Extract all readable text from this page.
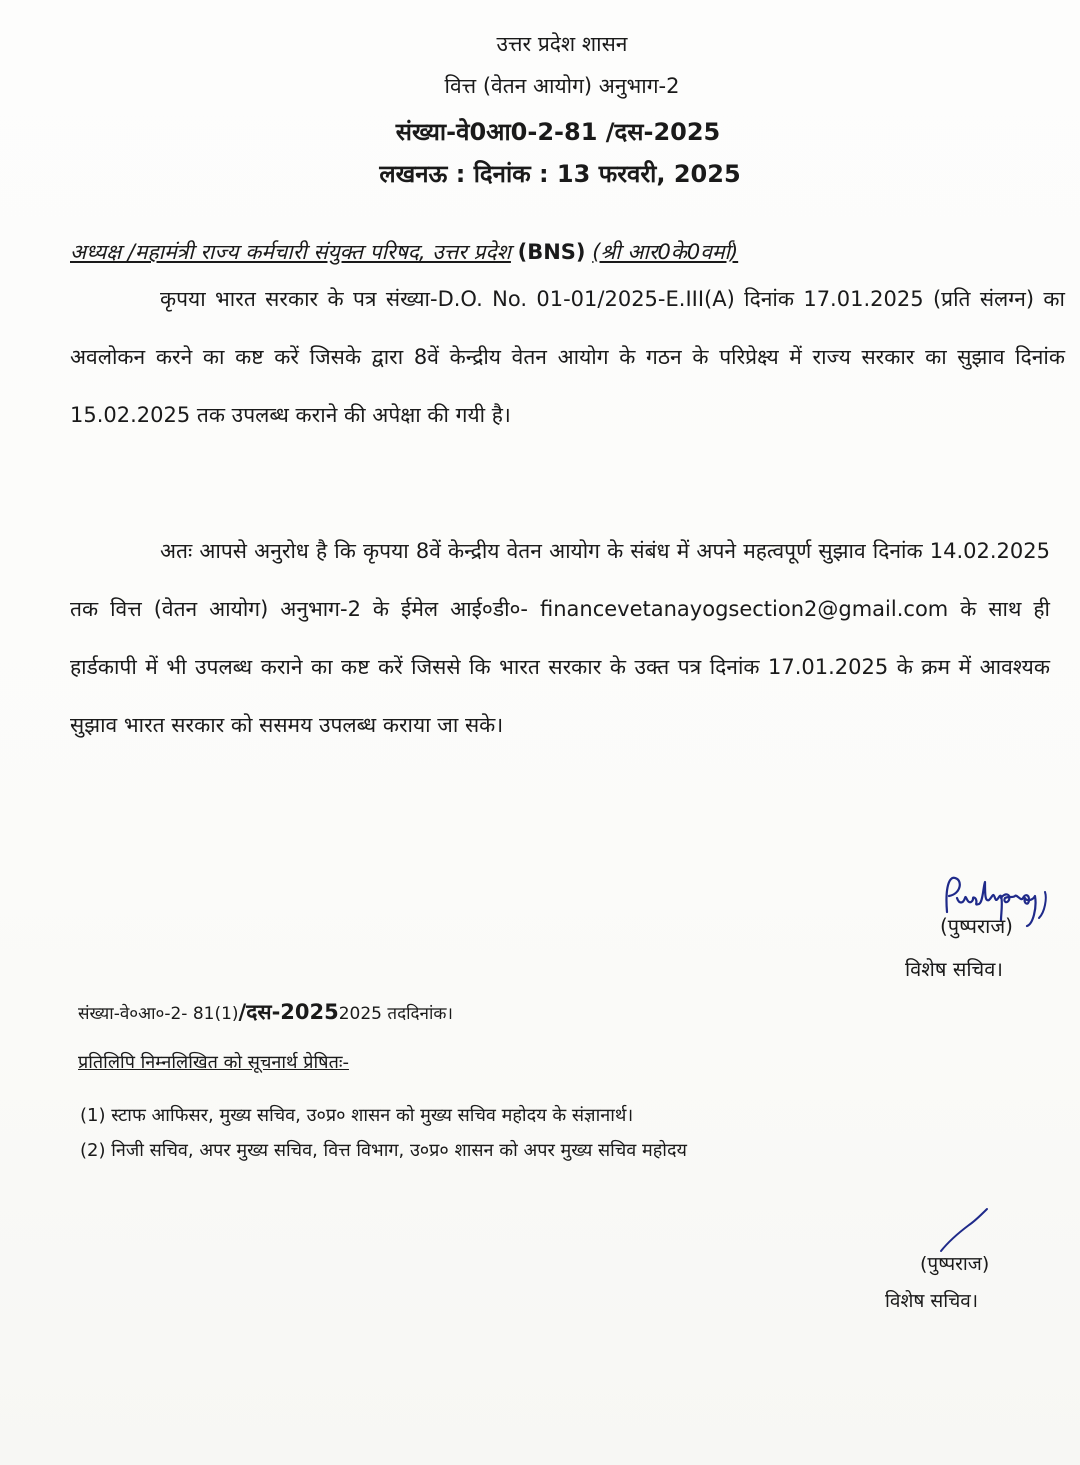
उत्तर प्रदेश शासन
वित्त (वेतन आयोग) अनुभाग-2
संख्या-वे0आ0-2-81 /दस-2025
लखनऊ : दिनांक : 13 फरवरी, 2025
अध्यक्ष /महामंत्री राज्य कर्मचारी संयुक्त परिषद, उत्तर प्रदेश (BNS) (श्री आर0के0वर्मा)

कृपया भारत सरकार के पत्र संख्या-D.O. No. 01-01/2025-E.III(A) दिनांक 17.01.2025 (प्रति संलग्न) का अवलोकन करने का कष्ट करें जिसके द्वारा 8वें केन्द्रीय वेतन आयोग के गठन के परिप्रेक्ष्य में राज्य सरकार का सुझाव दिनांक 15.02.2025 तक उपलब्ध कराने की अपेक्षा की गयी है।

अतः आपसे अनुरोध है कि कृपया 8वें केन्द्रीय वेतन आयोग के संबंध में अपने महत्वपूर्ण सुझाव दिनांक 14.02.2025 तक वित्त (वेतन आयोग) अनुभाग-2 के ईमेल आई०डी०- financevetanayogsection2@gmail.com के साथ ही हार्डकापी में भी उपलब्ध कराने का कष्ट करें जिससे कि भारत सरकार के उक्त पत्र दिनांक 17.01.2025 के क्रम में आवश्यक सुझाव भारत सरकार को ससमय उपलब्ध कराया जा सके।

(पुष्पराज)
विशेष सचिव।
संख्या-वे०आ०-2- 81(1)/दस-20252025 तददिनांक।
प्रतिलिपि निम्नलिखित को सूचनार्थ प्रेषितः-
(1) स्टाफ आफिसर, मुख्य सचिव, उ०प्र० शासन को मुख्य सचिव महोदय के संज्ञानार्थ।
(2) निजी सचिव, अपर मुख्य सचिव, वित्त विभाग, उ०प्र० शासन को अपर मुख्य सचिव महोदय
(पुष्पराज)
विशेष सचिव।
